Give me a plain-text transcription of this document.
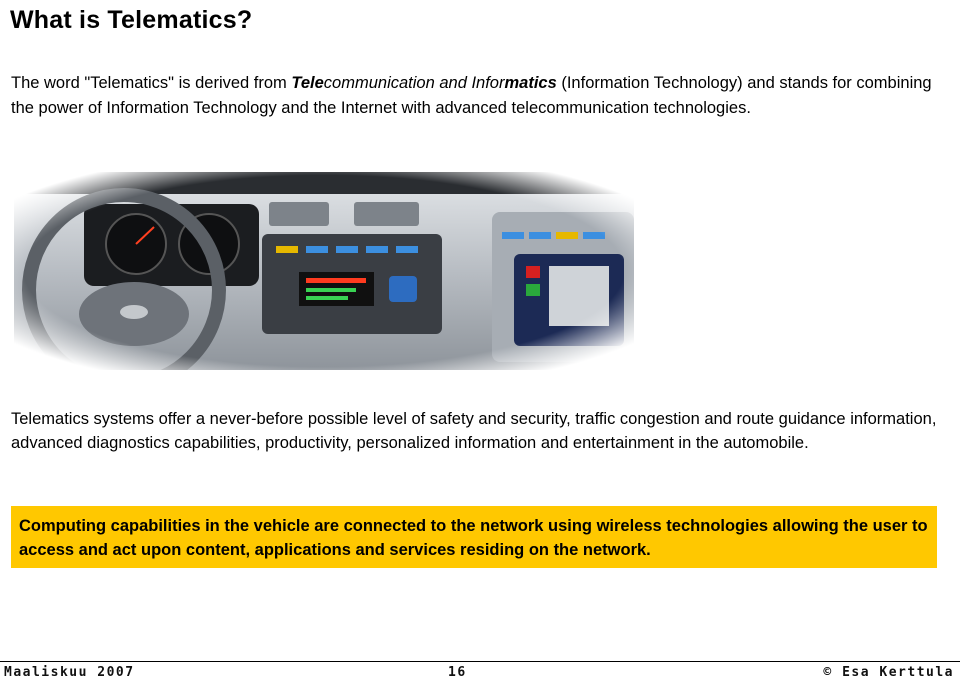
What is Telematics?

The word "Telematics" is derived from Telecommunication and Informatics (Information Technology) and stands for combining the power of Information Technology and the Internet with advanced telecommunication technologies.

Telematics systems offer a never-before possible level of safety and security, traffic congestion and route guidance information, advanced diagnostics capabilities, productivity, personalized information and entertainment in the automobile.

Computing capabilities in the vehicle are connected to the network using wireless technologies allowing the user to access and act upon content, applications and services residing on the network.
Maaliskuu 2007	16	© Esa Kerttula
